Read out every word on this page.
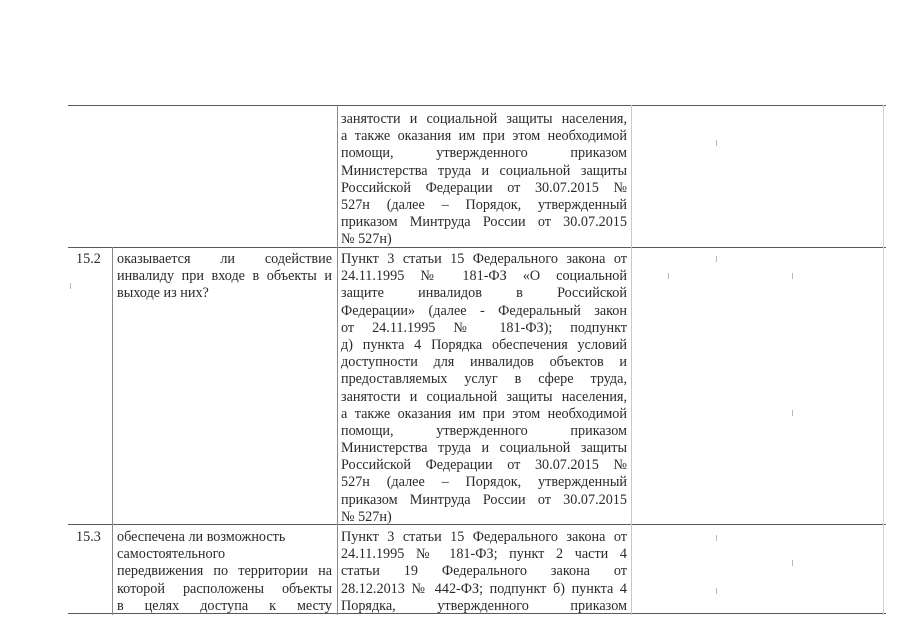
занятости и социальной защиты населения,
а также оказания им при этом необходимой
помощи, утвержденного приказом
Министерства труда и социальной защиты
Российской Федерации от 30.07.2015 №
527н (далее – Порядок, утвержденный
приказом Минтруда России от 30.07.2015
№ 527н)
15.2 оказывается ли содействие
инвалиду при входе в объекты и
выходе из них?
Пункт 3 статьи 15 Федерального закона от
24.11.1995 № 181-ФЗ «О социальной
защите инвалидов в Российской
Федерации» (далее - Федеральный закон
от 24.11.1995 № 181-ФЗ); подпункт
д) пункта 4 Порядка обеспечения условий
доступности для инвалидов объектов и
предоставляемых услуг в сфере труда,
занятости и социальной защиты населения,
а также оказания им при этом необходимой
помощи, утвержденного приказом
Министерства труда и социальной защиты
Российской Федерации от 30.07.2015 №
527н (далее – Порядок, утвержденный
приказом Минтруда России от 30.07.2015
№ 527н)
15.3 обеспечена ли возможность
самостоятельного
передвижения по территории на
которой расположены объекты
в целях доступа к месту
Пункт 3 статьи 15 Федерального закона от
24.11.1995 № 181-ФЗ; пункт 2 части 4
статьи 19 Федерального закона от
28.12.2013 № 442-ФЗ; подпункт б) пункта 4
Порядка, утвержденного приказом
